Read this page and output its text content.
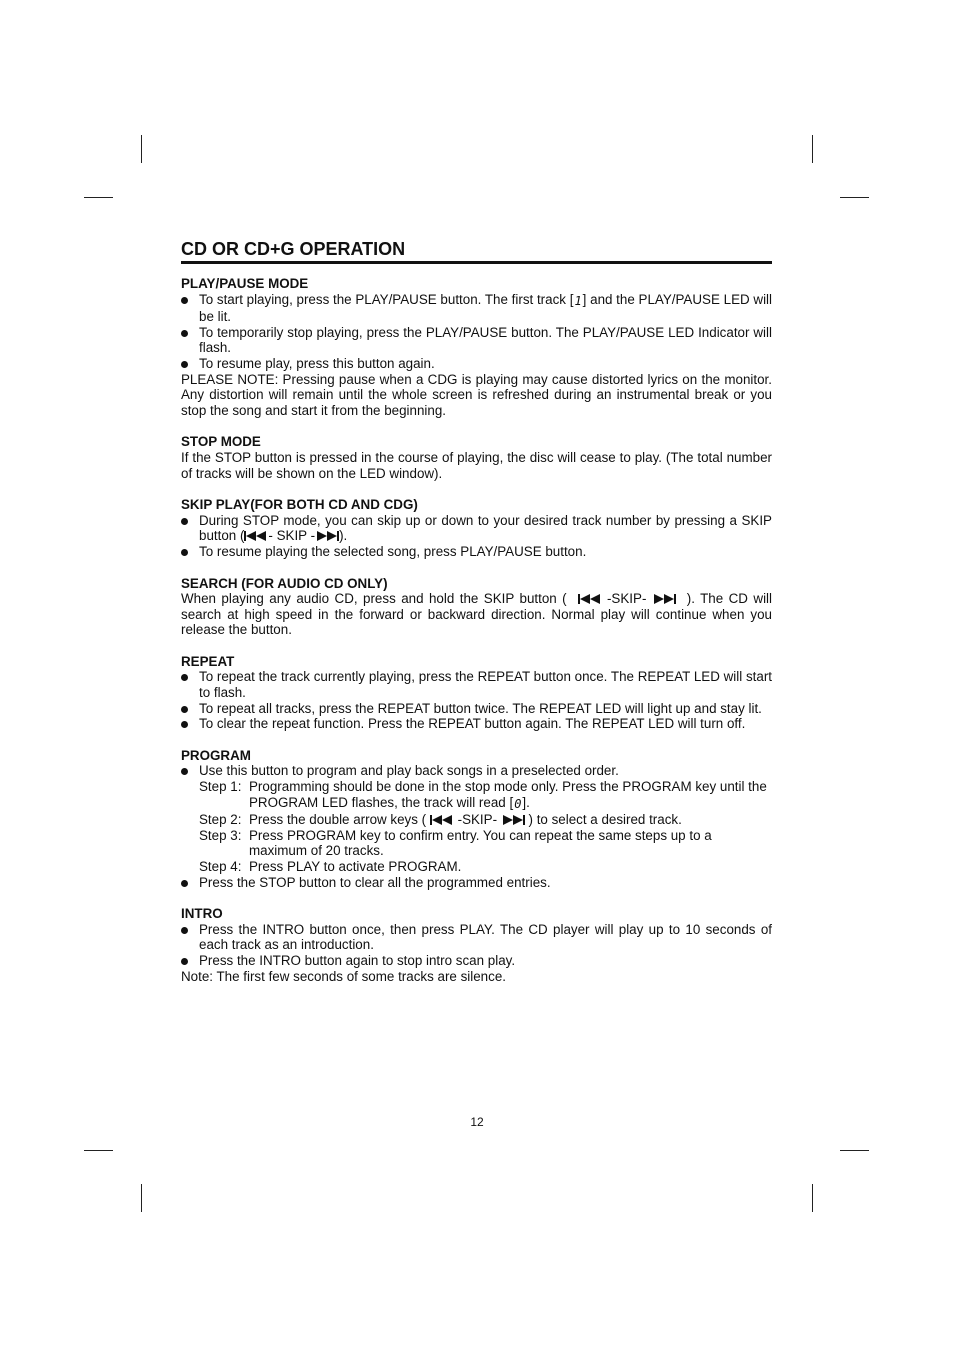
CD OR CD+G OPERATION
PLAY/PAUSE MODE
To start playing, press the PLAY/PAUSE button. The first track [1] and the PLAY/PAUSE LED will be lit.
To temporarily stop playing, press the PLAY/PAUSE button. The PLAY/PAUSE LED Indicator will flash.
To resume play, press this button again.

PLEASE NOTE: Pressing pause when a CDG is playing may cause distorted lyrics on the monitor. Any distortion will remain until the whole screen is refreshed during an instrumental break or you stop the song and start it from the beginning.

STOP MODE

If the STOP button is pressed in the course of playing, the disc will cease to play. (The total number of tracks will be shown on the LED window).

SKIP PLAY(FOR BOTH CD AND CDG)
During STOP mode, you can skip up or down to your desired track number by pressing a SKIP button ( - SKIP - ).
To resume playing the selected song, press PLAY/PAUSE button.
SEARCH (FOR AUDIO CD ONLY)

When playing any audio CD, press and hold the SKIP button (	-SKIP-	). The CD will search at high speed in the forward or backward direction. Normal play will continue when you release the button.

REPEAT
To repeat the track currently playing, press the REPEAT button once. The REPEAT LED will start to flash.
To repeat all tracks, press the REPEAT button twice. The REPEAT LED will light up and stay lit.
To clear the repeat function. Press the REPEAT button again. The REPEAT LED will turn off.
PROGRAM
Use this button to program and play back songs in a preselected order.
Step 1: Programming should be done in the stop mode only. Press the PROGRAM key until the PROGRAM LED flashes, the track will read [0].
Step 2: Press the double arrow keys ( -SKIP- ) to select a desired track.
Step 3: Press PROGRAM key to confirm entry. You can repeat the same steps up to a maximum of 20 tracks.
Step 4: Press PLAY to activate PROGRAM.
Press the STOP button to clear all the programmed entries.
INTRO
Press the INTRO button once, then press PLAY. The CD player will play up to 10 seconds of each track as an introduction.
Press the INTRO button again to stop intro scan play.

Note: The first few seconds of some tracks are silence.

12
